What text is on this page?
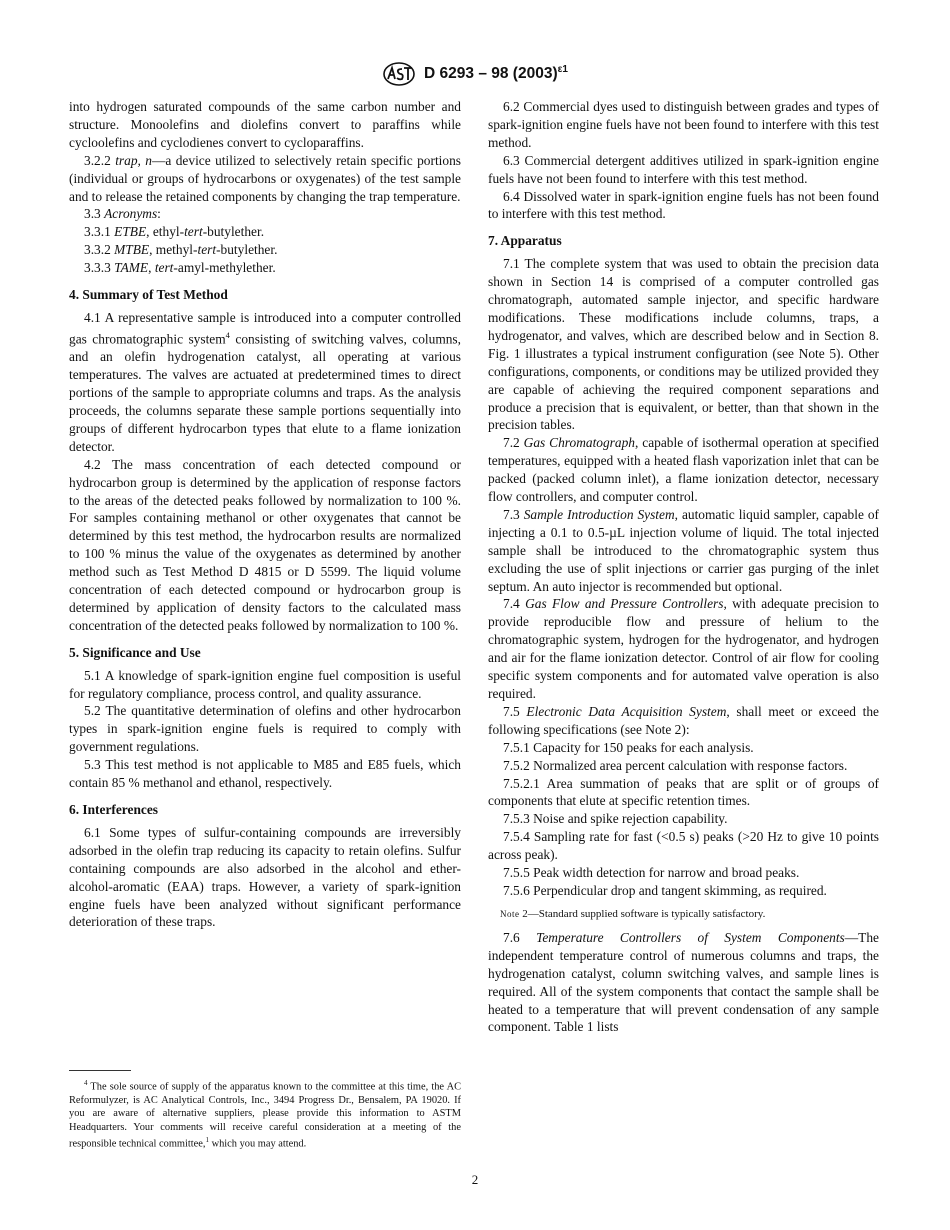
D 6293 – 98 $(2003)^{\varepsilon 1}$

into hydrogen saturated compounds of the same carbon number and structure. Monoolefins and diolefins convert to paraffins while cycloolefins and cyclodienes convert to cycloparaffins.

3.2.2 trap, n—a device utilized to selectively retain specific portions (individual or groups of hydrocarbons or oxygenates) of the test sample and to release the retained components by changing the trap temperature.

3.3 Acronyms:

3.3.1 ETBE, ethyl-tert-butylether.

3.3.2 MTBE, methyl-tert-butylether.

3.3.3 TAME, tert-amyl-methylether.

4. Summary of Test Method

4.1 A representative sample is introduced into a computer controlled gas chromatographic system$^4$ consisting of switching valves, columns, and an olefin hydrogenation catalyst, all operating at various temperatures. The valves are actuated at predetermined times to direct portions of the sample to appropriate columns and traps. As the analysis proceeds, the columns separate these sample portions sequentially into groups of different hydrocarbon types that elute to a flame ionization detector.

4.2 The mass concentration of each detected compound or hydrocarbon group is determined by the application of response factors to the areas of the detected peaks followed by normalization to 100 %. For samples containing methanol or other oxygenates that cannot be determined by this test method, the hydrocarbon results are normalized to 100 % minus the value of the oxygenates as determined by another method such as Test Method D 4815 or D 5599. The liquid volume concentration of each detected compound or hydrocarbon group is determined by application of density factors to the calculated mass concentration of the detected peaks followed by normalization to 100 %.

5. Significance and Use

5.1 A knowledge of spark-ignition engine fuel composition is useful for regulatory compliance, process control, and quality assurance.

5.2 The quantitative determination of olefins and other hydrocarbon types in spark-ignition engine fuels is required to comply with government regulations.

5.3 This test method is not applicable to M85 and E85 fuels, which contain 85 % methanol and ethanol, respectively.

6. Interferences

6.1 Some types of sulfur-containing compounds are irreversibly adsorbed in the olefin trap reducing its capacity to retain olefins. Sulfur containing compounds are also adsorbed in the alcohol and ether-alcohol-aromatic (EAA) traps. However, a variety of spark-ignition engine fuels have been analyzed without significant performance deterioration of these traps.

$^4$ The sole source of supply of the apparatus known to the committee at this time, the AC Reformulyzer, is AC Analytical Controls, Inc., 3494 Progress Dr., Bensalem, PA 19020. If you are aware of alternative suppliers, please provide this information to ASTM Headquarters. Your comments will receive careful consideration at a meeting of the responsible technical committee,$^1$ which you may attend.

6.2 Commercial dyes used to distinguish between grades and types of spark-ignition engine fuels have not been found to interfere with this test method.

6.3 Commercial detergent additives utilized in spark-ignition engine fuels have not been found to interfere with this test method.

6.4 Dissolved water in spark-ignition engine fuels has not been found to interfere with this test method.

7. Apparatus

7.1 The complete system that was used to obtain the precision data shown in Section 14 is comprised of a computer controlled gas chromatograph, automated sample injector, and specific hardware modifications. These modifications include columns, traps, a hydrogenator, and valves, which are described below and in Section 8. Fig. 1 illustrates a typical instrument configuration (see Note 5). Other configurations, components, or conditions may be utilized provided they are capable of achieving the required component separations and produce a precision that is equivalent, or better, than that shown in the precision tables.

7.2 Gas Chromatograph, capable of isothermal operation at specified temperatures, equipped with a heated flash vaporization inlet that can be packed (packed column inlet), a flame ionization detector, necessary flow controllers, and computer control.

7.3 Sample Introduction System, automatic liquid sampler, capable of injecting a 0.1 to 0.5-µL injection volume of liquid. The total injected sample shall be introduced to the chromatographic system thus excluding the use of split injections or carrier gas purging of the inlet septum. An auto injector is recommended but optional.

7.4 Gas Flow and Pressure Controllers, with adequate precision to provide reproducible flow and pressure of helium to the chromatographic system, hydrogen for the hydrogenator, and hydrogen and air for the flame ionization detector. Control of air flow for cooling specific system components and for automated valve operation is also required.

7.5 Electronic Data Acquisition System, shall meet or exceed the following specifications (see Note 2):

7.5.1 Capacity for 150 peaks for each analysis.

7.5.2 Normalized area percent calculation with response factors.

7.5.2.1 Area summation of peaks that are split or of groups of components that elute at specific retention times.

7.5.3 Noise and spike rejection capability.

7.5.4 Sampling rate for fast (<0.5 s) peaks (>20 Hz to give 10 points across peak).

7.5.5 Peak width detection for narrow and broad peaks.

7.5.6 Perpendicular drop and tangent skimming, as required.

Note 2—Standard supplied software is typically satisfactory.

7.6 Temperature Controllers of System Components—The independent temperature control of numerous columns and traps, the hydrogenation catalyst, column switching valves, and sample lines is required. All of the system components that contact the sample shall be heated to a temperature that will prevent condensation of any sample component. Table 1 lists

2
